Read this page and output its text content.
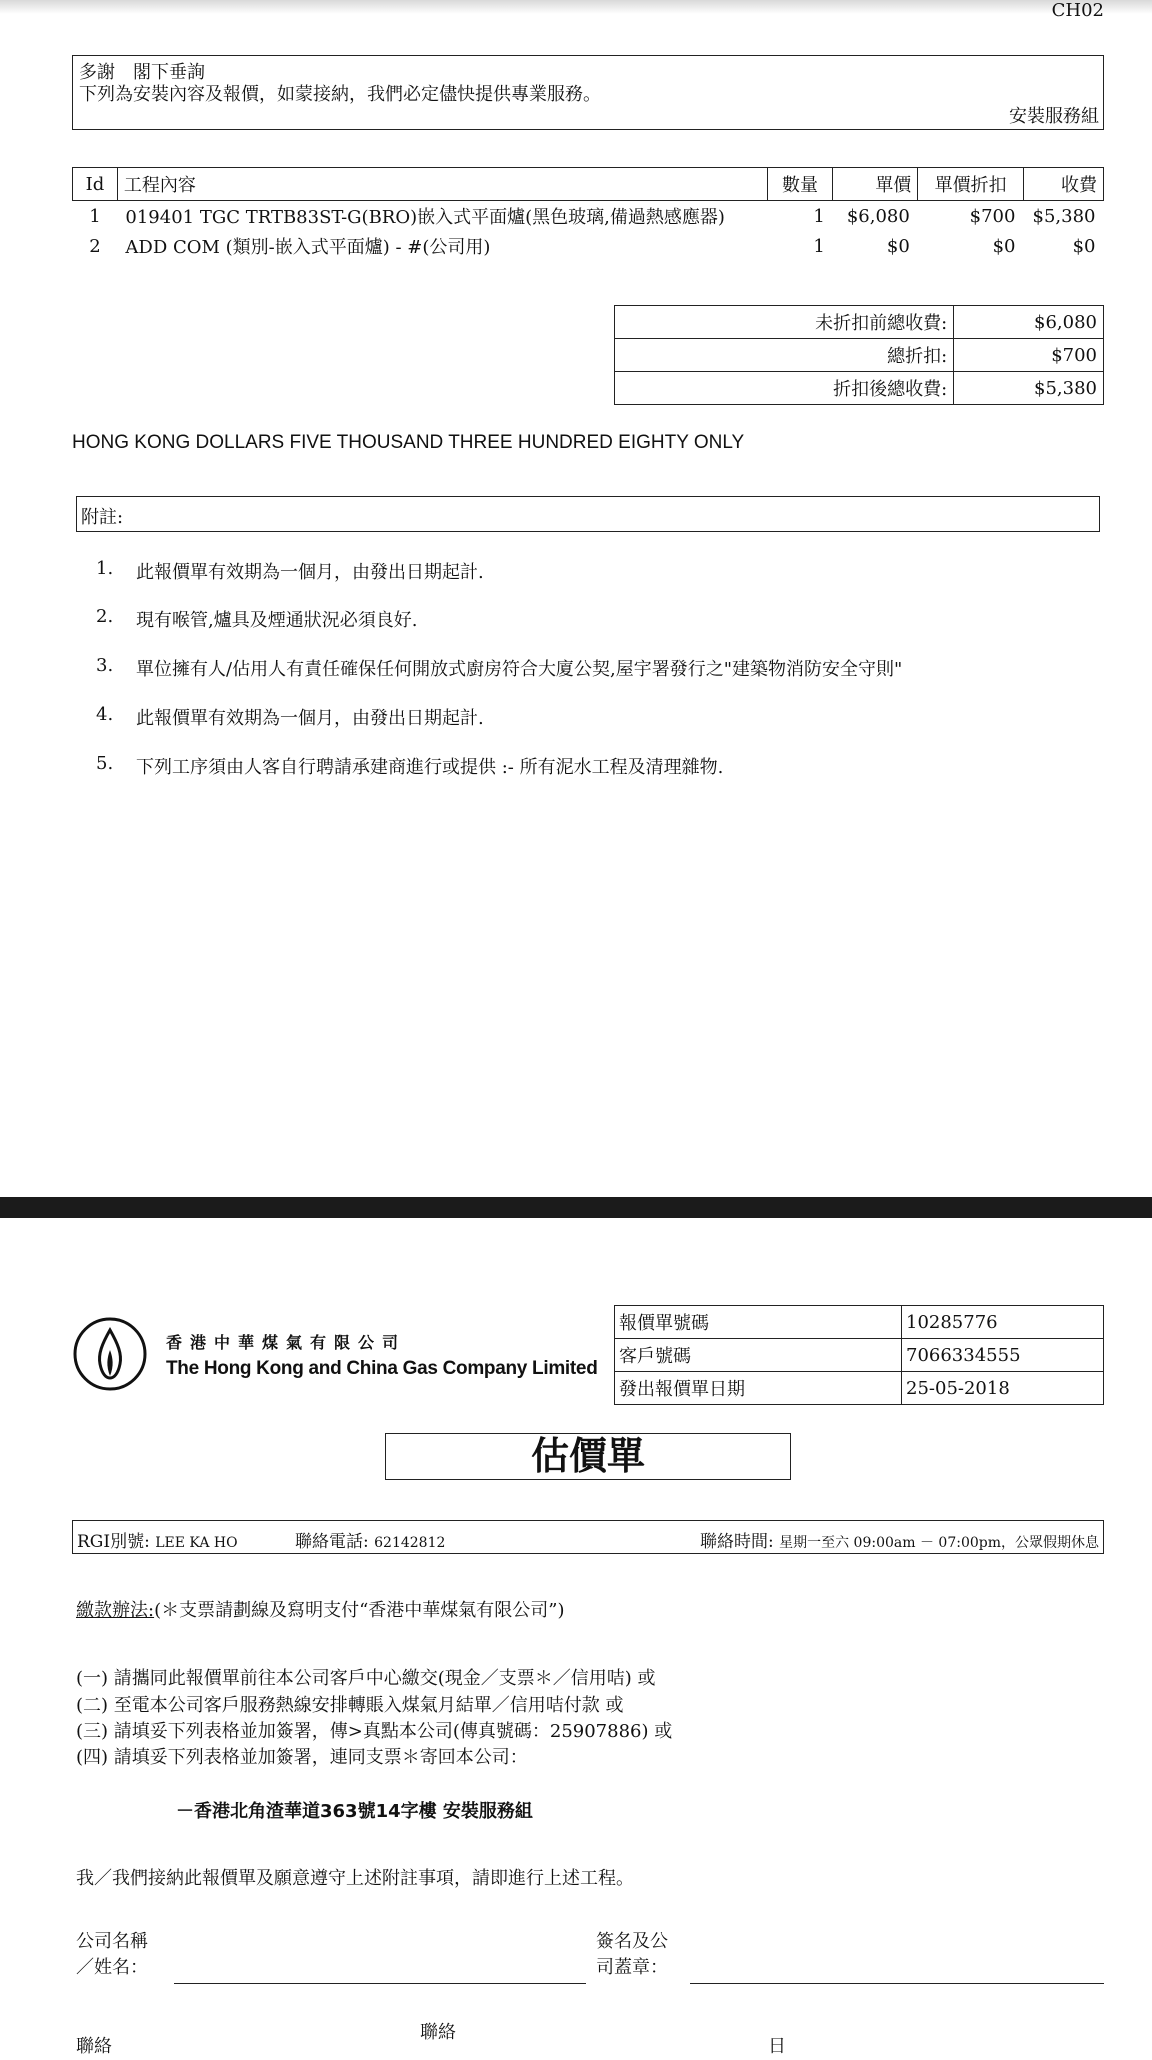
CH02
多謝　閣下垂詢
下列為安裝內容及報價，如蒙接納，我們必定儘快提供專業服務。
安裝服務組
Id	工程內容	數量	單價	單價折扣	收費
1	019401 TGC TRTB83ST-G(BRO)嵌入式平面爐(黑色玻璃,備過熱感應器)	1	$6,080	$700	$5,380
2	ADD COM (類別-嵌入式平面爐) - #(公司用)	1	$0	$0	$0
未折扣前總收費:	$6,080
總折扣:	$700
折扣後總收費:	$5,380
HONG KONG DOLLARS FIVE THOUSAND THREE HUNDRED EIGHTY ONLY
附註:
1.	此報價單有效期為一個月，由發出日期起計.
2.	現有喉管,爐具及煙通狀況必須良好.
3.	單位擁有人/佔用人有責任確保任何開放式廚房符合大廈公契,屋宇署發行之"建築物消防安全守則"
4.	此報價單有效期為一個月，由發出日期起計.
5.	下列工序須由人客自行聘請承建商進行或提供 :- 所有泥水工程及清理雜物.
香港中華煤氣有限公司
The Hong Kong and China Gas Company Limited
報價單號碼	10285776
客戶號碼	7066334555
發出報價單日期	25-05-2018
估價單
RGI別號: LEE KA HO	聯絡電話: 62142812	聯絡時間: 星期一至六 09:00am － 07:00pm，公眾假期休息
繳款辦法:(＊支票請劃線及寫明支付“香港中華煤氣有限公司”)
(一) 請攜同此報價單前往本公司客戶中心繳交(現金／支票＊／信用咭) 或
(二) 至電本公司客戶服務熱線安排轉賬入煤氣月結單／信用咭付款 或
(三) 請填妥下列表格並加簽署，傳>真點本公司(傳真號碼：25907886) 或
(四) 請填妥下列表格並加簽署，連同支票＊寄回本公司：
－香港北角渣華道363號14字樓 安裝服務組
我／我們接納此報價單及願意遵守上述附註事項，請即進行上述工程。
公司名稱
／姓名：
簽名及公
司蓋章：
聯絡
聯絡
日
